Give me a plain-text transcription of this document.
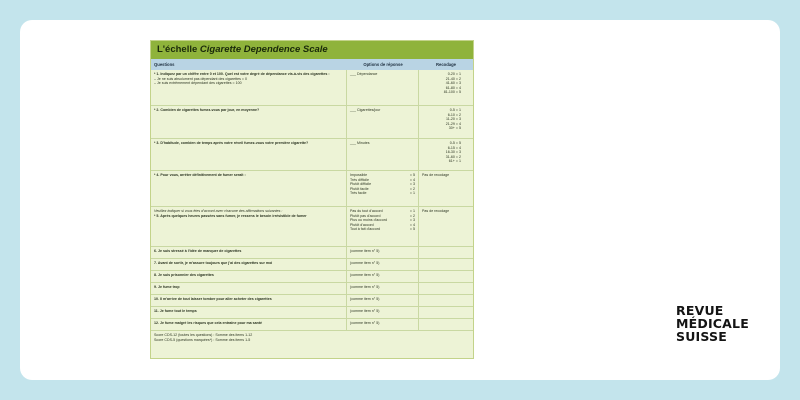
L'échelle Cigarette Dependence Scale
Questions	Options de réponse	Recodage
* 1. Indiquez par un chiffre entre 0 et 100. Quel est votre degré de dépendance vis-à-vis des cigarettes :
– Je ne suis absolument pas dépendant des cigarettes = 0
– Je suis extrêmement dépendant des cigarettes = 100
___ Dépendance	0-20 = 1
21-40 = 2
41-60 = 3
61-80 = 4
81-100 = 5
* 2. Combien de cigarettes fumez-vous par jour, en moyenne?	___ Cigarettes/jour	0-5 = 1
6-10 = 2
11-20 = 3
21-29 = 4
30+ = 5
* 3. D'habitude, combien de temps après votre réveil fumez-vous votre première cigarette?	___ Minutes	0-5 = 5
6-15 = 4
16-30 = 3
31-60 = 2
61+ = 1
* 4. Pour vous, arrêter définitivement de fumer serait :	Impossible	= 5
Très difficile	= 4
Plutôt difficile	= 3
Plutôt facile	= 2
Très facile	= 1
Pas de recodage
Veuillez indiquer si vous êtes d'accord avec chacune des affirmations suivantes :
* 5. Après quelques heures passées sans fumer, je ressens le besoin irrésistible de fumer
Pas du tout d'accord	= 1
Plutôt pas d'accord	= 2
Plus ou moins d'accord	= 3
Plutôt d'accord	= 4
Tout à fait d'accord	= 5
Pas de recodage
6. Je suis stressé à l'idée de manquer de cigarettes	(comme item n° 5)
7. Avant de sortir, je m'assure toujours que j'ai des cigarettes sur moi	(comme item n° 5)
8. Je suis prisonnier des cigarettes	(comme item n° 5)
9. Je fume trop	(comme item n° 5)
10. Il m'arrive de tout laisser tomber pour aller acheter des cigarettes	(comme item n° 5)
11. Je fume tout le temps	(comme item n° 5)
12. Je fume malgré les risques que cela entraîne pour ma santé	(comme item n° 5)
Score CDS-12 (toutes les questions) : Somme des items 1-12
Score CDS-5 (questions marquées*) : Somme des items 1-5
REVUE
MÉDICALE
SUISSE
